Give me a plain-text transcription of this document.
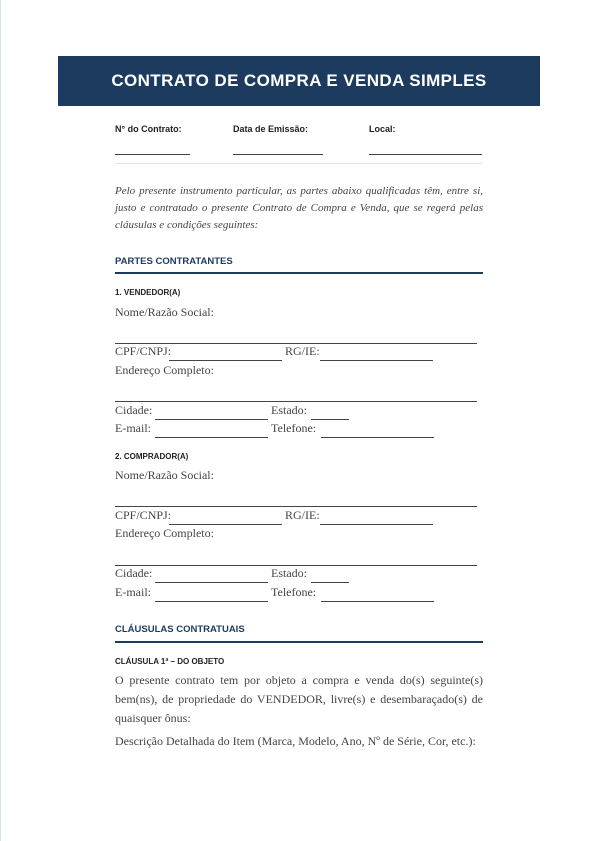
CONTRATO DE COMPRA E VENDA SIMPLES
N° do Contrato:	Data de Emissão:	Local:

Pelo presente instrumento particular, as partes abaixo qualificadas têm, entre si, justo e contratado o presente Contrato de Compra e Venda, que se regerá pelas cláusulas e condições seguintes:

PARTES CONTRATANTES
1. VENDEDOR(A)
Nome/Razão Social:
CPF/CNPJ:	RG/IE:
Endereço Completo:
Cidade:	Estado:
E-mail:	Telefone:
2. COMPRADOR(A)
Nome/Razão Social:
CPF/CNPJ:	RG/IE:
Endereço Completo:
Cidade:	Estado:
E-mail:	Telefone:
CLÁUSULAS CONTRATUAIS
CLÁUSULA 1ª – DO OBJETO

O presente contrato tem por objeto a compra e venda do(s) seguinte(s) bem(ns), de propriedade do VENDEDOR, livre(s) e desembaraçado(s) de quaisquer ônus:

Descrição Detalhada do Item (Marca, Modelo, Ano, Nº de Série, Cor, etc.):
